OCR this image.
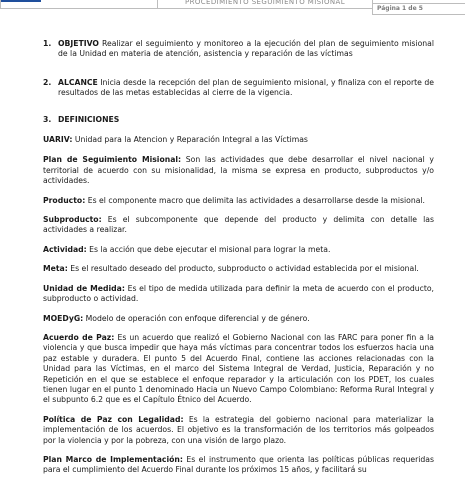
PROCEDIMIENTO SEGUIMIENTO MISIONAL
Página 1 de 5
1. OBJETIVO Realizar el seguimiento y monitoreo a la ejecución del plan de seguimiento misional de la Unidad en materia de atención, asistencia y reparación de las víctimas
2. ALCANCE Inicia desde la recepción del plan de seguimiento misional, y finaliza con el reporte de resultados de las metas establecidas al cierre de la vigencia.
3. DEFINICIONES

UARIV: Unidad para la Atencion y Reparación Integral a las Víctimas

Plan de Seguimiento Misional: Son las actividades que debe desarrollar el nivel nacional y territorial de acuerdo con su misionalidad, la misma se expresa en producto, subproductos y/o actividades.

Producto: Es el componente macro que delimita las actividades a desarrollarse desde la misional.

Subproducto: Es el subcomponente que depende del producto y delimita con detalle las actividades a realizar.

Actividad: Es la acción que debe ejecutar el misional para lograr la meta.

Meta: Es el resultado deseado del producto, subproducto o actividad establecida por el misional.

Unidad de Medida: Es el tipo de medida utilizada para definir la meta de acuerdo con el producto, subproducto o actividad.

MOEDyG: Modelo de operación con enfoque diferencial y de género.

Acuerdo de Paz: Es un acuerdo que realizó el Gobierno Nacional con las FARC para poner fin a la violencia y que busca impedir que haya más víctimas para concentrar todos los esfuerzos hacia una paz estable y duradera. El punto 5 del Acuerdo Final, contiene las acciones relacionadas con la Unidad para las Víctimas, en el marco del Sistema Integral de Verdad, Justicia, Reparación y no Repetición en el que se establece el enfoque reparador y la articulación con los PDET, los cuales tienen lugar en el punto 1 denominado Hacia un Nuevo Campo Colombiano: Reforma Rural Integral y el subpunto 6.2 que es el Capítulo Étnico del Acuerdo.

Política de Paz con Legalidad: Es la estrategia del gobierno nacional para materializar la implementación de los acuerdos. El objetivo es la transformación de los territorios más golpeados por la violencia y por la pobreza, con una visión de largo plazo.

Plan Marco de Implementación: Es el instrumento que orienta las políticas públicas requeridas para el cumplimiento del Acuerdo Final durante los próximos 15 años, y facilitará su
